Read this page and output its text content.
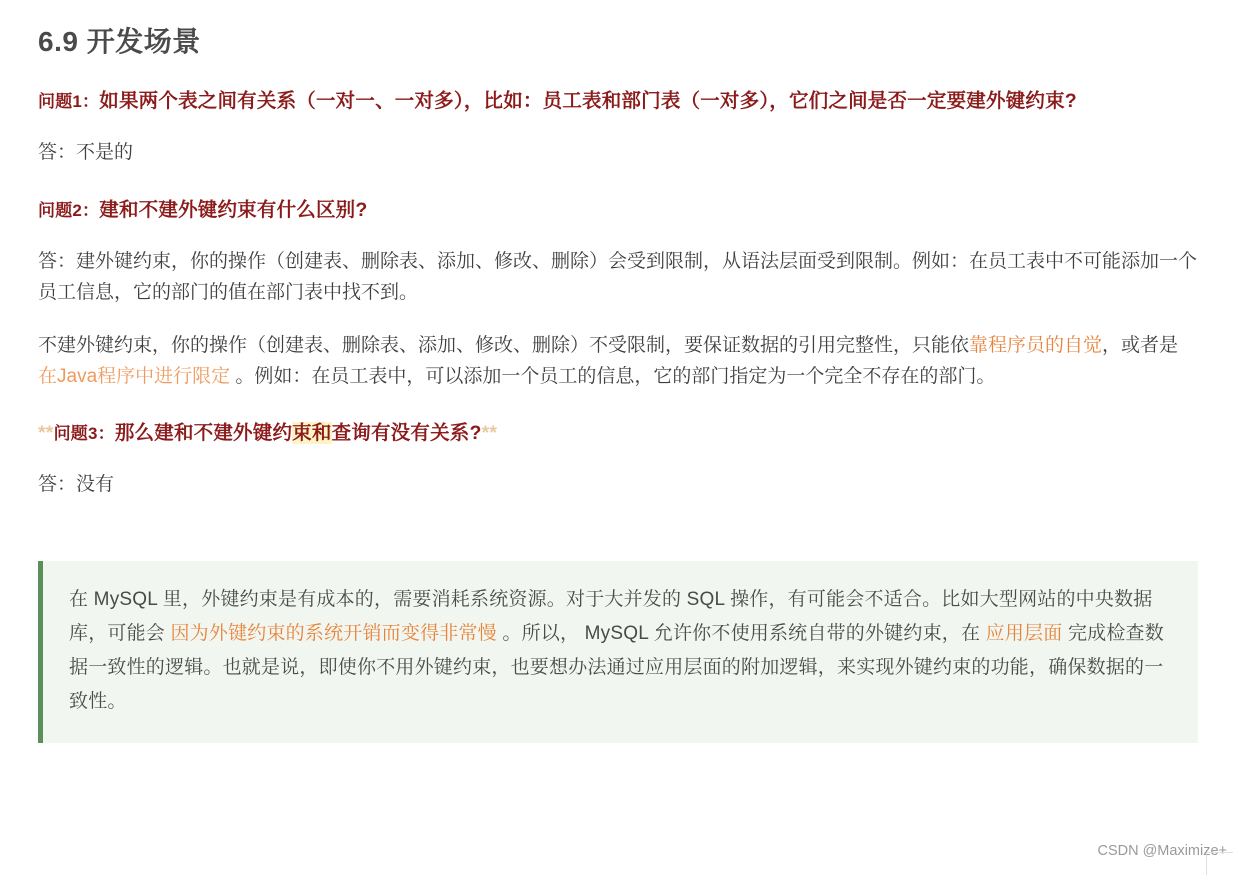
6.9 开发场景

问题1：如果两个表之间有关系（一对一、一对多），比如：员工表和部门表（一对多），它们之间是否一定要建外键约束?

答：不是的

问题2：建和不建外键约束有什么区别?

答：建外键约束，你的操作（创建表、删除表、添加、修改、删除）会受到限制，从语法层面受到限制。例如：在员工表中不可能添加一个员工信息，它的部门的值在部门表中找不到。

不建外键约束，你的操作（创建表、删除表、添加、修改、删除）不受限制，要保证数据的引用完整性，只能依靠程序员的自觉，或者是 在Java程序中进行限定 。例如：在员工表中，可以添加一个员工的信息，它的部门指定为一个完全不存在的部门。

**问题3：那么建和不建外键约束和查询有没有关系?**

答：没有

在 MySQL 里，外键约束是有成本的，需要消耗系统资源。对于大并发的 SQL 操作，有可能会不适合。比如大型网站的中央数据库，可能会 因为外键约束的系统开销而变得非常慢 。所以， MySQL 允许你不使用系统自带的外键约束，在 应用层面 完成检查数据一致性的逻辑。也就是说，即使你不用外键约束，也要想办法通过应用层面的附加逻辑，来实现外键约束的功能，确保数据的一致性。

CSDN @Maximize+
